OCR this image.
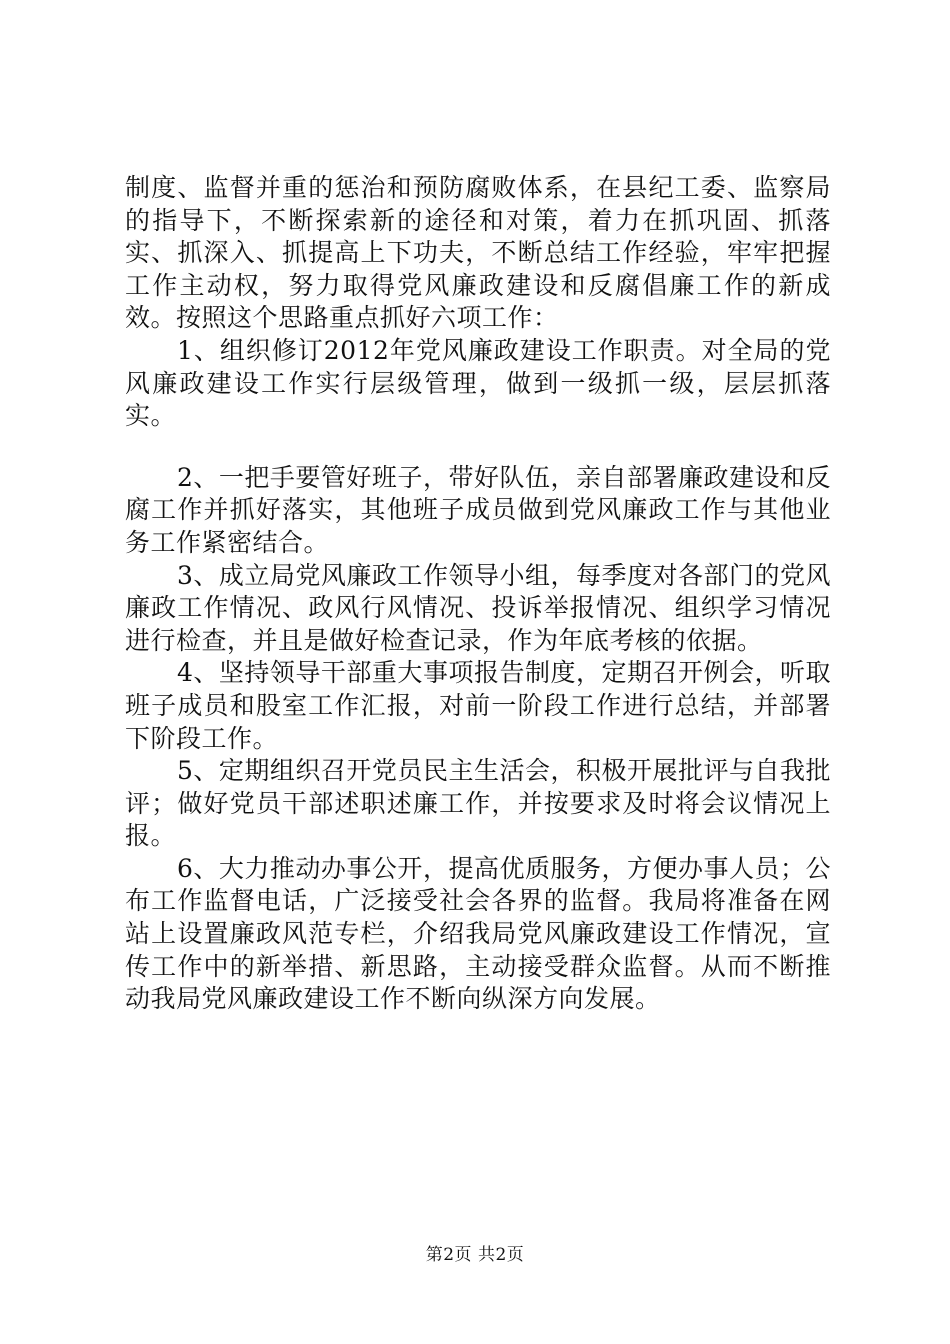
制度、监督并重的惩治和预防腐败体系，在县纪工委、监察局的指导下，不断探索新的途径和对策，着力在抓巩固、抓落实、抓深入、抓提高上下功夫，不断总结工作经验，牢牢把握工作主动权，努力取得党风廉政建设和反腐倡廉工作的新成效。按照这个思路重点抓好六项工作：

1、组织修订2012年党风廉政建设工作职责。对全局的党风廉政建设工作实行层级管理，做到一级抓一级，层层抓落实。

2、一把手要管好班子，带好队伍，亲自部署廉政建设和反腐工作并抓好落实，其他班子成员做到党风廉政工作与其他业务工作紧密结合。

3、成立局党风廉政工作领导小组，每季度对各部门的党风廉政工作情况、政风行风情况、投诉举报情况、组织学习情况进行检查，并且是做好检查记录，作为年底考核的依据。

4、坚持领导干部重大事项报告制度，定期召开例会，听取班子成员和股室工作汇报，对前一阶段工作进行总结，并部署下阶段工作。

5、定期组织召开党员民主生活会，积极开展批评与自我批评；做好党员干部述职述廉工作，并按要求及时将会议情况上报。

6、大力推动办事公开，提高优质服务，方便办事人员；公布工作监督电话，广泛接受社会各界的监督。我局将准备在网站上设置廉政风范专栏，介绍我局党风廉政建设工作情况，宣传工作中的新举措、新思路，主动接受群众监督。从而不断推动我局党风廉政建设工作不断向纵深方向发展。

第2页 共2页
